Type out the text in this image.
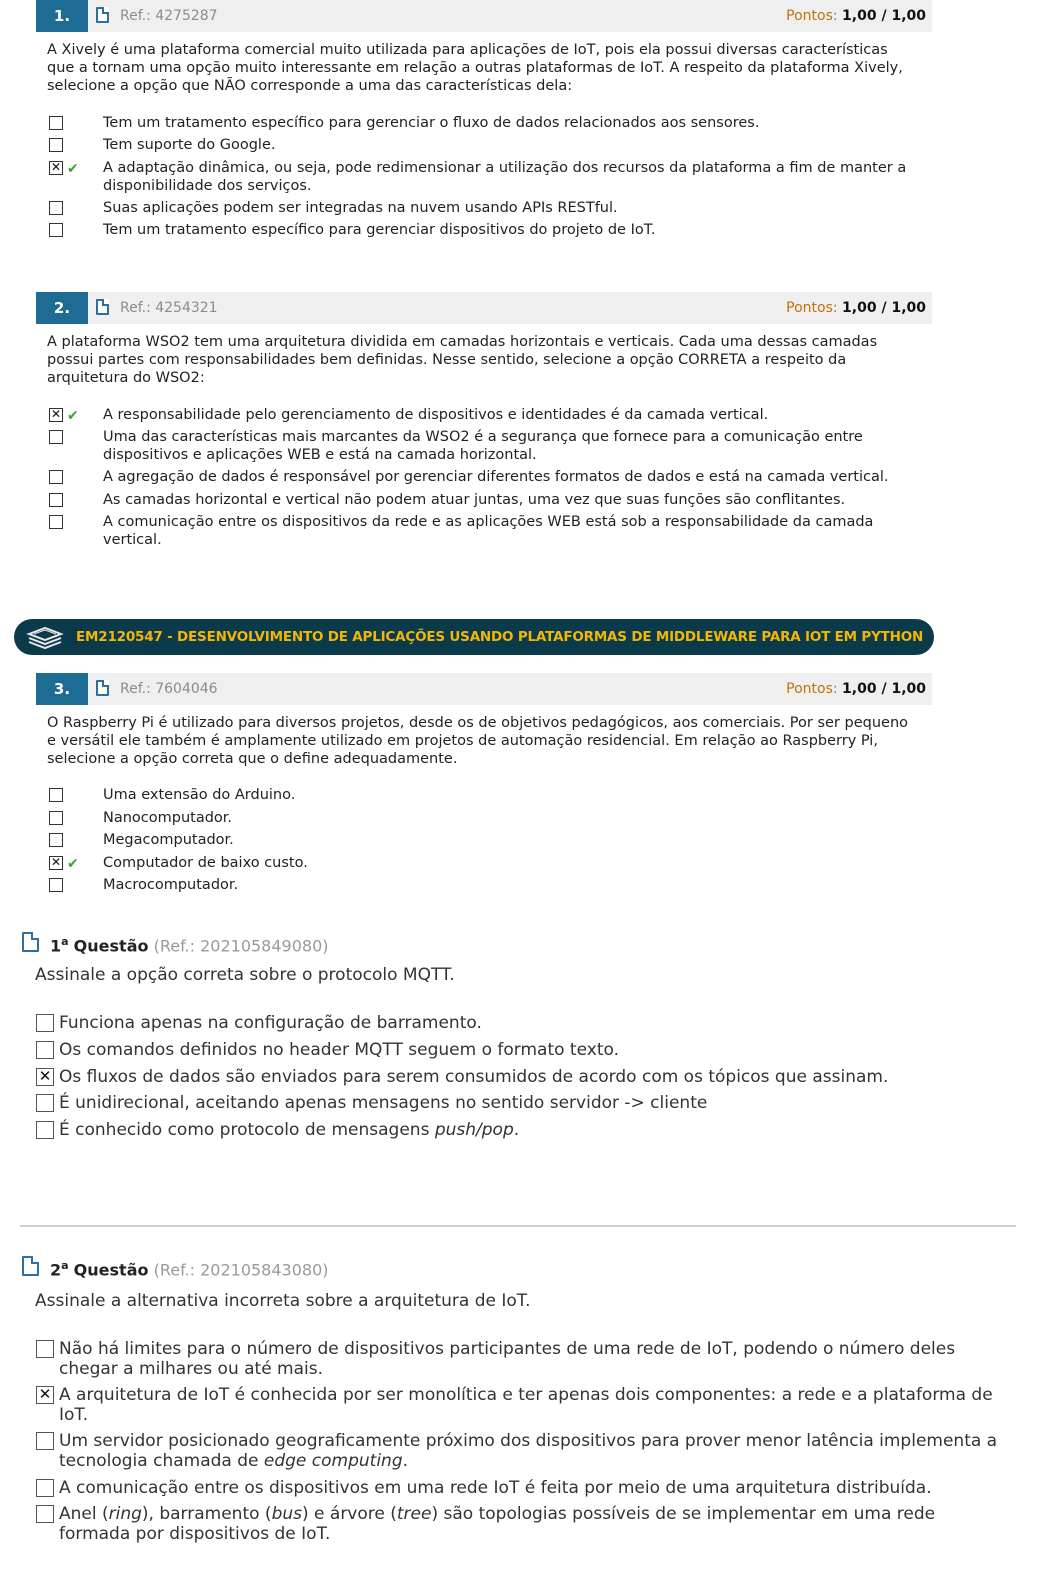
1.	Ref.: 4275287	Pontos: 1,00 / 1,00
A Xively é uma plataforma comercial muito utilizada para aplicações de IoT, pois ela possui diversas características que a tornam uma opção muito interessante em relação a outras plataformas de IoT. A respeito da plataforma Xively, selecione a opção que NÃO corresponde a uma das características dela:
Tem um tratamento específico para gerenciar o fluxo de dados relacionados aos sensores.
Tem suporte do Google.
✕ ✔ A adaptação dinâmica, ou seja, pode redimensionar a utilização dos recursos da plataforma a fim de manter a disponibilidade dos serviços.
Suas aplicações podem ser integradas na nuvem usando APIs RESTful.
Tem um tratamento específico para gerenciar dispositivos do projeto de IoT.
2.	Ref.: 4254321	Pontos: 1,00 / 1,00
A plataforma WSO2 tem uma arquitetura dividida em camadas horizontais e verticais. Cada uma dessas camadas possui partes com responsabilidades bem definidas. Nesse sentido, selecione a opção CORRETA a respeito da arquitetura do WSO2:
✕ ✔ A responsabilidade pelo gerenciamento de dispositivos e identidades é da camada vertical.
Uma das características mais marcantes da WSO2 é a segurança que fornece para a comunicação entre dispositivos e aplicações WEB e está na camada horizontal.
A agregação de dados é responsável por gerenciar diferentes formatos de dados e está na camada vertical.
As camadas horizontal e vertical não podem atuar juntas, uma vez que suas funções são conflitantes.
A comunicação entre os dispositivos da rede e as aplicações WEB está sob a responsabilidade da camada vertical.
EM2120547 - DESENVOLVIMENTO DE APLICAÇÕES USANDO PLATAFORMAS DE MIDDLEWARE PARA IOT EM PYTHON
3.	Ref.: 7604046	Pontos: 1,00 / 1,00
O Raspberry Pi é utilizado para diversos projetos, desde os de objetivos pedagógicos, aos comerciais. Por ser pequeno e versátil ele também é amplamente utilizado em projetos de automação residencial. Em relação ao Raspberry Pi, selecione a opção correta que o define adequadamente.
Uma extensão do Arduino.
Nanocomputador.
Megacomputador.
✕ ✔ Computador de baixo custo.
Macrocomputador.
1$^a$ Questão (Ref.: 202105849080)
Assinale a opção correta sobre o protocolo MQTT.
Funciona apenas na configuração de barramento.
Os comandos definidos no header MQTT seguem o formato texto.
✕ Os fluxos de dados são enviados para serem consumidos de acordo com os tópicos que assinam.
É unidirecional, aceitando apenas mensagens no sentido servidor -> cliente
É conhecido como protocolo de mensagens push/pop.
2$^a$ Questão (Ref.: 202105843080)
Assinale a alternativa incorreta sobre a arquitetura de IoT.
Não há limites para o número de dispositivos participantes de uma rede de IoT, podendo o número deles chegar a milhares ou até mais.
✕ A arquitetura de IoT é conhecida por ser monolítica e ter apenas dois componentes: a rede e a plataforma de IoT.
Um servidor posicionado geograficamente próximo dos dispositivos para prover menor latência implementa a tecnologia chamada de edge computing.
A comunicação entre os dispositivos em uma rede IoT é feita por meio de uma arquitetura distribuída.
Anel (ring), barramento (bus) e árvore (tree) são topologias possíveis de se implementar em uma rede formada por dispositivos de IoT.
